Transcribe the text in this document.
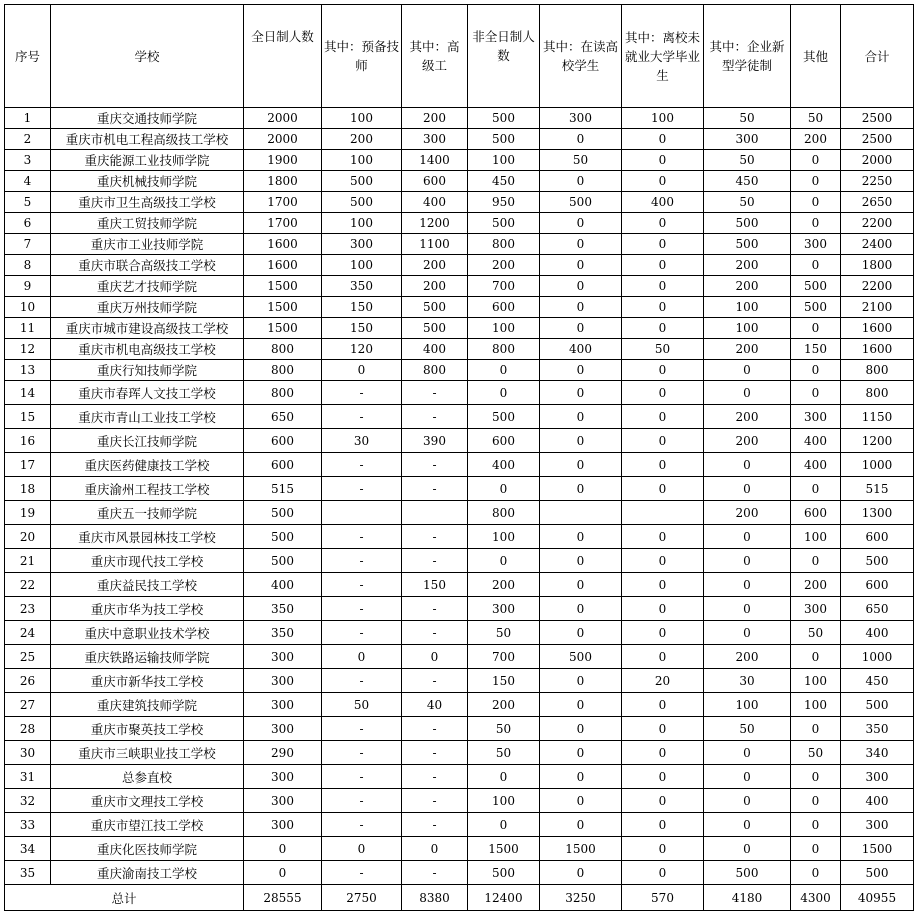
序号	学校	全日制人数	其中：预备技师	其中：高级工	非全日制人数	其中：在读高校学生	其中：离校未就业大学毕业生	其中：企业新型学徒制	其他	合计
1	重庆交通技师学院	2000	100	200	500	300	100	50	50	2500
2	重庆市机电工程高级技工学校	2000	200	300	500	0	0	300	200	2500
3	重庆能源工业技师学院	1900	100	1400	100	50	0	50	0	2000
4	重庆机械技师学院	1800	500	600	450	0	0	450	0	2250
5	重庆市卫生高级技工学校	1700	500	400	950	500	400	50	0	2650
6	重庆工贸技师学院	1700	100	1200	500	0	0	500	0	2200
7	重庆市工业技师学院	1600	300	1100	800	0	0	500	300	2400
8	重庆市联合高级技工学校	1600	100	200	200	0	0	200	0	1800
9	重庆艺才技师学院	1500	350	200	700	0	0	200	500	2200
10	重庆万州技师学院	1500	150	500	600	0	0	100	500	2100
11	重庆市城市建设高级技工学校	1500	150	500	100	0	0	100	0	1600
12	重庆市机电高级技工学校	800	120	400	800	400	50	200	150	1600
13	重庆行知技师学院	800	0	800	0	0	0	0	0	800
14	重庆市春珲人文技工学校	800	-	-	0	0	0	0	0	800
15	重庆市青山工业技工学校	650	-	-	500	0	0	200	300	1150
16	重庆长江技师学院	600	30	390	600	0	0	200	400	1200
17	重庆医药健康技工学校	600	-	-	400	0	0	0	400	1000
18	重庆渝州工程技工学校	515	-	-	0	0	0	0	0	515
19	重庆五一技师学院	500			800			200	600	1300
20	重庆市风景园林技工学校	500	-	-	100	0	0	0	100	600
21	重庆市现代技工学校	500	-	-	0	0	0	0	0	500
22	重庆益民技工学校	400	-	150	200	0	0	0	200	600
23	重庆市华为技工学校	350	-	-	300	0	0	0	300	650
24	重庆中意职业技术学校	350	-	-	50	0	0	0	50	400
25	重庆铁路运输技师学院	300	0	0	700	500	0	200	0	1000
26	重庆市新华技工学校	300	-	-	150	0	20	30	100	450
27	重庆建筑技师学院	300	50	40	200	0	0	100	100	500
28	重庆市聚英技工学校	300	-	-	50	0	0	50	0	350
30	重庆市三峡职业技工学校	290	-	-	50	0	0	0	50	340
31	总参直校	300	-	-	0	0	0	0	0	300
32	重庆市文理技工学校	300	-	-	100	0	0	0	0	400
33	重庆市望江技工学校	300	-	-	0	0	0	0	0	300
34	重庆化医技师学院	0	0	0	1500	1500	0	0	0	1500
35	重庆渝南技工学校	0	-	-	500	0	0	500	0	500
总计		28555	2750	8380	12400	3250	570	4180	4300	40955
